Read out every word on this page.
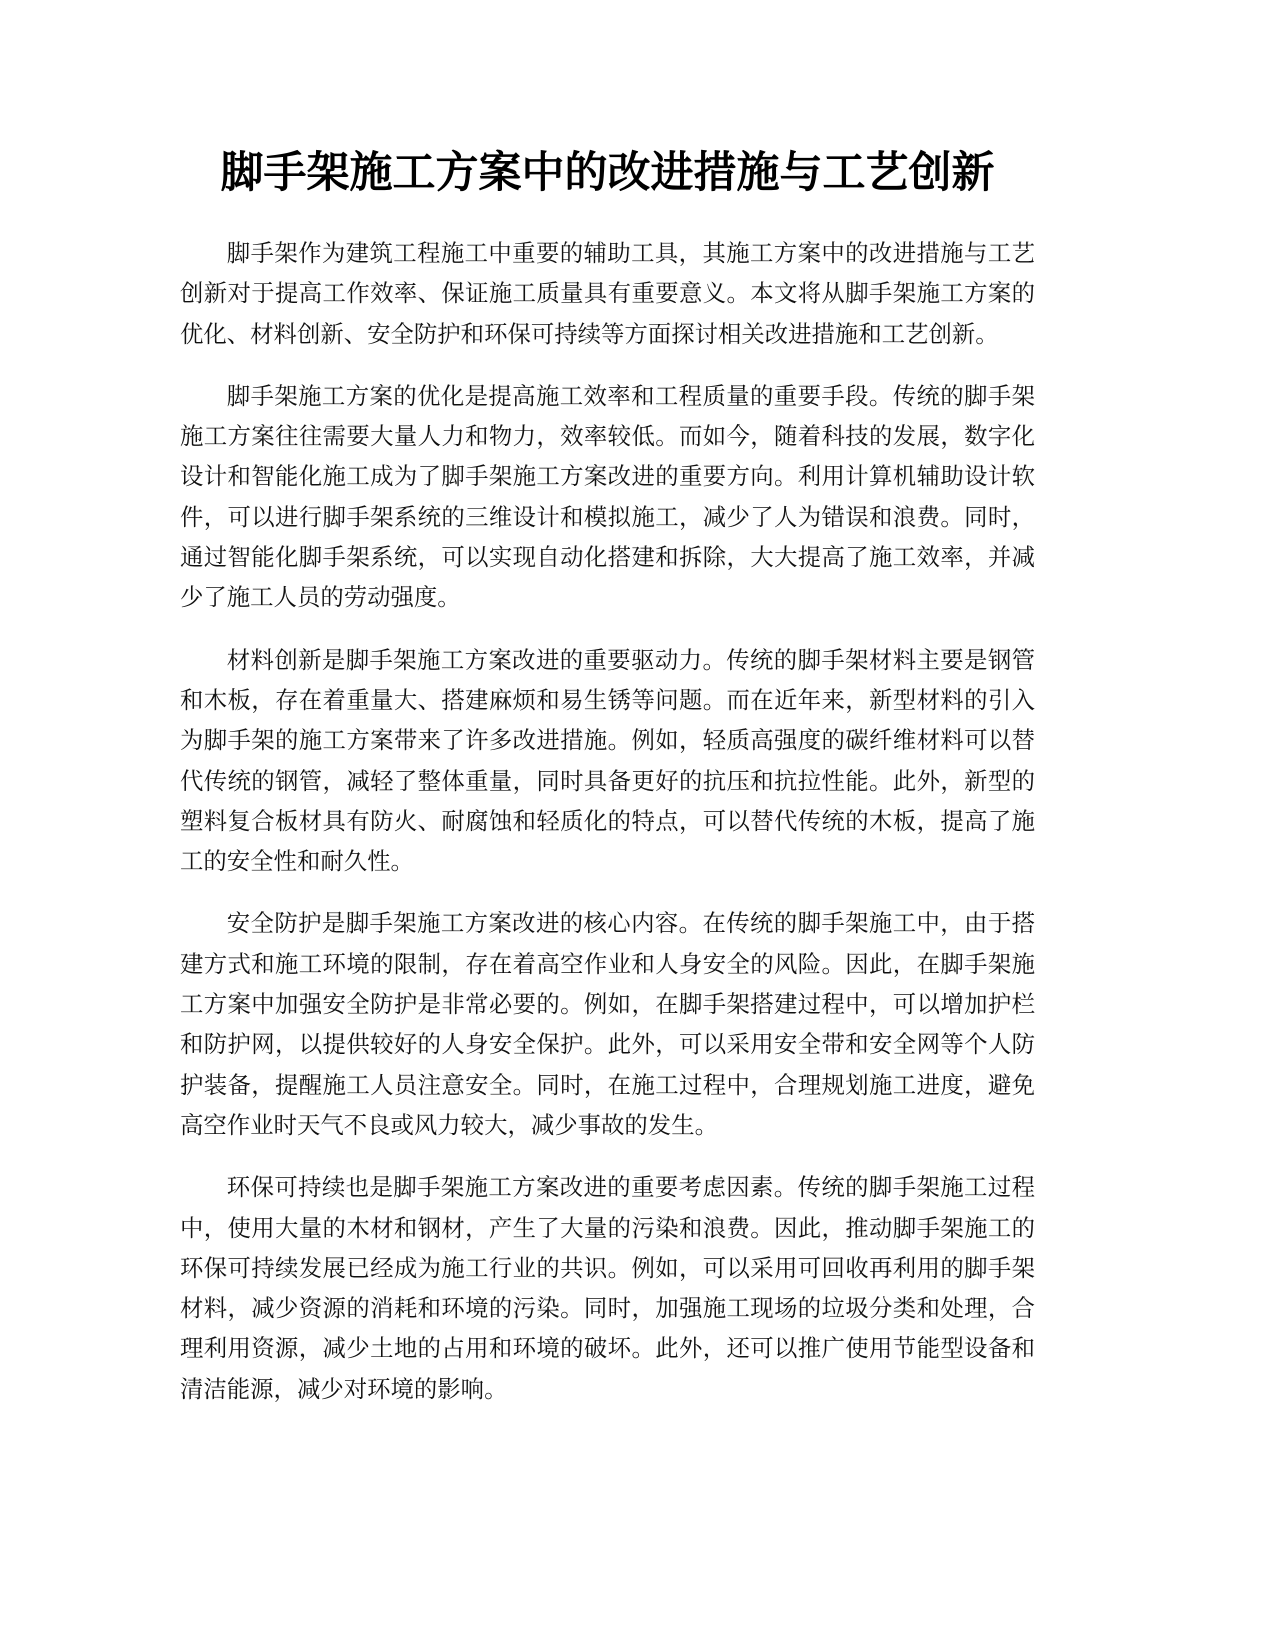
脚手架施工方案中的改进措施与工艺创新

脚手架作为建筑工程施工中重要的辅助工具，其施工方案中的改进措施与工艺
创新对于提高工作效率、保证施工质量具有重要意义。本文将从脚手架施工方案的
优化、材料创新、安全防护和环保可持续等方面探讨相关改进措施和工艺创新。

脚手架施工方案的优化是提高施工效率和工程质量的重要手段。传统的脚手架
施工方案往往需要大量人力和物力，效率较低。而如今，随着科技的发展，数字化
设计和智能化施工成为了脚手架施工方案改进的重要方向。利用计算机辅助设计软
件，可以进行脚手架系统的三维设计和模拟施工，减少了人为错误和浪费。同时，
通过智能化脚手架系统，可以实现自动化搭建和拆除，大大提高了施工效率，并减
少了施工人员的劳动强度。

材料创新是脚手架施工方案改进的重要驱动力。传统的脚手架材料主要是钢管
和木板，存在着重量大、搭建麻烦和易生锈等问题。而在近年来，新型材料的引入
为脚手架的施工方案带来了许多改进措施。例如，轻质高强度的碳纤维材料可以替
代传统的钢管，减轻了整体重量，同时具备更好的抗压和抗拉性能。此外，新型的
塑料复合板材具有防火、耐腐蚀和轻质化的特点，可以替代传统的木板，提高了施
工的安全性和耐久性。

安全防护是脚手架施工方案改进的核心内容。在传统的脚手架施工中，由于搭
建方式和施工环境的限制，存在着高空作业和人身安全的风险。因此，在脚手架施
工方案中加强安全防护是非常必要的。例如，在脚手架搭建过程中，可以增加护栏
和防护网，以提供较好的人身安全保护。此外，可以采用安全带和安全网等个人防
护装备，提醒施工人员注意安全。同时，在施工过程中，合理规划施工进度，避免
高空作业时天气不良或风力较大，减少事故的发生。

环保可持续也是脚手架施工方案改进的重要考虑因素。传统的脚手架施工过程
中，使用大量的木材和钢材，产生了大量的污染和浪费。因此，推动脚手架施工的
环保可持续发展已经成为施工行业的共识。例如，可以采用可回收再利用的脚手架
材料，减少资源的消耗和环境的污染。同时，加强施工现场的垃圾分类和处理，合
理利用资源，减少土地的占用和环境的破坏。此外，还可以推广使用节能型设备和
清洁能源，减少对环境的影响。
